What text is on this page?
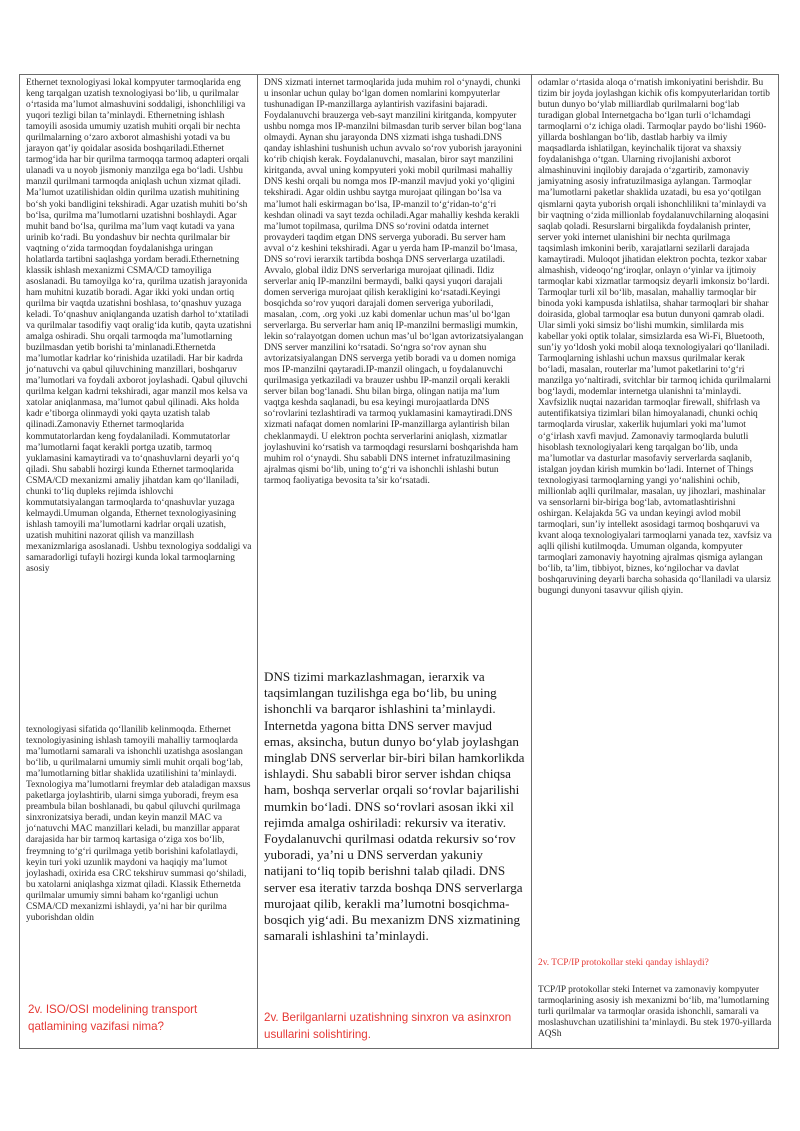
Ethernet texnologiyasi lokal kompyuter tarmoqlarida eng keng tarqalgan uzatish texnologiyasi bo‘lib, u qurilmalar o‘rtasida ma’lumot almashuvini soddaligi, ishonchliligi va yuqori tezligi bilan ta’minlaydi. Ethernetning ishlash tamoyili asosida umumiy uzatish muhiti orqali bir nechta qurilmalarning o‘zaro axborot almashishi yotadi va bu jarayon qat’iy qoidalar asosida boshqariladi.Ethernet tarmog‘ida har bir qurilma tarmoqqa tarmoq adapteri orqali ulanadi va u noyob jismoniy manzilga ega bo‘ladi. Ushbu manzil qurilmani tarmoqda aniqlash uchun xizmat qiladi. Ma’lumot uzatilishidan oldin qurilma uzatish muhitining bo‘sh yoki bandligini tekshiradi. Agar uzatish muhiti bo‘sh bo‘lsa, qurilma ma’lumotlarni uzatishni boshlaydi. Agar muhit band bo‘lsa, qurilma ma’lum vaqt kutadi va yana urinib ko‘radi. Bu yondashuv bir nechta qurilmalar bir vaqtning o‘zida tarmoqdan foydalanishga uringan holatlarda tartibni saqlashga yordam beradi.Ethernetning klassik ishlash mexanizmi CSMA/CD tamoyiliga asoslanadi. Bu tamoyilga ko‘ra, qurilma uzatish jarayonida ham muhitni kuzatib boradi. Agar ikki yoki undan ortiq qurilma bir vaqtda uzatishni boshlasa, to‘qnashuv yuzaga keladi. To‘qnashuv aniqlanganda uzatish darhol to‘xtatiladi va qurilmalar tasodifiy vaqt oralig‘ida kutib, qayta uzatishni amalga oshiradi. Shu orqali tarmoqda ma’lumotlarning buzilmasdan yetib borishi ta’minlanadi.Ethernetda ma’lumotlar kadrlar ko‘rinishida uzatiladi. Har bir kadrda jo‘natuvchi va qabul qiluvchining manzillari, boshqaruv ma’lumotlari va foydali axborot joylashadi. Qabul qiluvchi qurilma kelgan kadrni tekshiradi, agar manzil mos kelsa va xatolar aniqlanmasa, ma’lumot qabul qilinadi. Aks holda kadr e’tiborga olinmaydi yoki qayta uzatish talab qilinadi.Zamonaviy Ethernet tarmoqlarida kommutatorlardan keng foydalaniladi. Kommutatorlar ma’lumotlarni faqat kerakli portga uzatib, tarmoq yuklamasini kamaytiradi va to‘qnashuvlarni deyarli yo‘q qiladi. Shu sababli hozirgi kunda Ethernet tarmoqlarida CSMA/CD mexanizmi amaliy jihatdan kam qo‘llaniladi, chunki to‘liq dupleks rejimda ishlovchi kommutatsiyalangan tarmoqlarda to‘qnashuvlar yuzaga kelmaydi.Umuman olganda, Ethernet texnologiyasining ishlash tamoyili ma’lumotlarni kadrlar orqali uzatish, uzatish muhitini nazorat qilish va manzillash mexanizmlariga asoslanadi. Ushbu texnologiya soddaligi va samaradorligi tufayli hozirgi kunda lokal tarmoqlarning asosiy

texnologiyasi sifatida qo‘llanilib kelinmoqda. Ethernet texnologiyasining ishlash tamoyili mahalliy tarmoqlarda ma’lumotlarni samarali va ishonchli uzatishga asoslangan bo‘lib, u qurilmalarni umumiy simli muhit orqali bog‘lab, ma’lumotlarning bitlar shaklida uzatilishini ta’minlaydi. Texnologiya ma’lumotlarni freymlar deb ataladigan maxsus paketlarga joylashtirib, ularni simga yuboradi, freym esa preambula bilan boshlanadi, bu qabul qiluvchi qurilmaga sinxronizatsiya beradi, undan keyin manzil MAC va jo‘natuvchi MAC manzillari keladi, bu manzillar apparat darajasida har bir tarmoq kartasiga o‘ziga xos bo‘lib, freymning to‘g‘ri qurilmaga yetib borishini kafolatlaydi, keyin turi yoki uzunlik maydoni va haqiqiy ma’lumot joylashadi, oxirida esa CRC tekshiruv summasi qo‘shiladi, bu xatolarni aniqlashga xizmat qiladi. Klassik Ethernetda qurilmalar umumiy simni baham ko‘rganligi uchun CSMA/CD mexanizmi ishlaydi, ya’ni har bir qurilma yuborishdan oldin

2v. ISO/OSI modelining transport qatlamining vazifasi nima?

DNS xizmati internet tarmoqlarida juda muhim rol o‘ynaydi, chunki u insonlar uchun qulay bo‘lgan domen nomlarini kompyuterlar tushunadigan IP-manzillarga aylantirish vazifasini bajaradi. Foydalanuvchi brauzerga veb-sayt manzilini kiritganda, kompyuter ushbu nomga mos IP-manzilni bilmasdan turib server bilan bog‘lana olmaydi. Aynan shu jarayonda DNS xizmati ishga tushadi.DNS qanday ishlashini tushunish uchun avvalo so‘rov yuborish jarayonini ko‘rib chiqish kerak. Foydalanuvchi, masalan, biror sayt manzilini kiritganda, avval uning kompyuteri yoki mobil qurilmasi mahalliy DNS keshi orqali bu nomga mos IP-manzil mavjud yoki yo‘qligini tekshiradi. Agar oldin ushbu saytga murojaat qilingan bo‘lsa va ma’lumot hali eskirmagan bo‘lsa, IP-manzil to‘g‘ridan-to‘g‘ri keshdan olinadi va sayt tezda ochiladi.Agar mahalliy keshda kerakli ma’lumot topilmasa, qurilma DNS so‘rovini odatda internet provayderi taqdim etgan DNS serverga yuboradi. Bu server ham avval o‘z keshini tekshiradi. Agar u yerda ham IP-manzil bo‘lmasa, DNS so‘rovi ierarxik tartibda boshqa DNS serverlarga uzatiladi. Avvalo, global ildiz DNS serverlariga murojaat qilinadi. Ildiz serverlar aniq IP-manzilni bermaydi, balki qaysi yuqori darajali domen serveriga murojaat qilish kerakligini ko‘rsatadi.Keyingi bosqichda so‘rov yuqori darajali domen serveriga yuboriladi, masalan, .com, .org yoki .uz kabi domenlar uchun mas’ul bo‘lgan serverlarga. Bu serverlar ham aniq IP-manzilni bermasligi mumkin, lekin so‘ralayotgan domen uchun mas’ul bo‘lgan avtorizatsiyalangan DNS server manzilini ko‘rsatadi. So‘ngra so‘rov aynan shu avtorizatsiyalangan DNS serverga yetib boradi va u domen nomiga mos IP-manzilni qaytaradi.IP-manzil olingach, u foydalanuvchi qurilmasiga yetkaziladi va brauzer ushbu IP-manzil orqali kerakli server bilan bog‘lanadi. Shu bilan birga, olingan natija ma’lum vaqtga keshda saqlanadi, bu esa keyingi murojaatlarda DNS so‘rovlarini tezlashtiradi va tarmoq yuklamasini kamaytiradi.DNS xizmati nafaqat domen nomlarini IP-manzillarga aylantirish bilan cheklanmaydi. U elektron pochta serverlarini aniqlash, xizmatlar joylashuvini ko‘rsatish va tarmoqdagi resurslarni boshqarishda ham muhim rol o‘ynaydi. Shu sababli DNS internet infratuzilmasining ajralmas qismi bo‘lib, uning to‘g‘ri va ishonchli ishlashi butun tarmoq faoliyatiga bevosita ta’sir ko‘rsatadi.

DNS tizimi markazlashmagan, ierarxik va taqsimlangan tuzilishga ega bo‘lib, bu uning ishonchli va barqaror ishlashini ta’minlaydi. Internetda yagona bitta DNS server mavjud emas, aksincha, butun dunyo bo‘ylab joylashgan minglab DNS serverlar bir-biri bilan hamkorlikda ishlaydi. Shu sababli biror server ishdan chiqsa ham, boshqa serverlar orqali so‘rovlar bajarilishi mumkin bo‘ladi. DNS so‘rovlari asosan ikki xil rejimda amalga oshiriladi: rekursiv va iterativ. Foydalanuvchi qurilmasi odatda rekursiv so‘rov yuboradi, ya’ni u DNS serverdan yakuniy natijani to‘liq topib berishni talab qiladi. DNS server esa iterativ tarzda boshqa DNS serverlarga murojaat qilib, kerakli ma’lumotni bosqichma-bosqich yig‘adi. Bu mexanizm DNS xizmatining samarali ishlashini ta’minlaydi.

2v. Berilganlarni uzatishning sinxron va asinxron usullarini solishtiring.

odamlar o‘rtasida aloqa o‘rnatish imkoniyatini berishdir. Bu tizim bir joyda joylashgan kichik ofis kompyuterlaridan tortib butun dunyo bo‘ylab milliardlab qurilmalarni bog‘lab turadigan global Internetgacha bo‘lgan turli o‘lchamdagi tarmoqlarni o‘z ichiga oladi. Tarmoqlar paydo bo‘lishi 1960-yillarda boshlangan bo‘lib, dastlab harbiy va ilmiy maqsadlarda ishlatilgan, keyinchalik tijorat va shaxsiy foydalanishga o‘tgan. Ularning rivojlanishi axborot almashinuvini inqilobiy darajada o‘zgartirib, zamonaviy jamiyatning asosiy infratuzilmasiga aylangan. Tarmoqlar ma’lumotlarni paketlar shaklida uzatadi, bu esa yo‘qotilgan qismlarni qayta yuborish orqali ishonchlilikni ta’minlaydi va bir vaqtning o‘zida millionlab foydalanuvchilarning aloqasini saqlab qoladi. Resurslarni birgalikda foydalanish printer, server yoki internet ulanishini bir nechta qurilmaga taqsimlash imkonini berib, xarajatlarni sezilarli darajada kamaytiradi. Muloqot jihatidan elektron pochta, tezkor xabar almashish, videoqo‘ng‘iroqlar, onlayn o‘yinlar va ijtimoiy tarmoqlar kabi xizmatlar tarmoqsiz deyarli imkonsiz bo‘lardi. Tarmoqlar turli xil bo‘lib, masalan, mahalliy tarmoqlar bir binoda yoki kampusda ishlatilsa, shahar tarmoqlari bir shahar doirasida, global tarmoqlar esa butun dunyoni qamrab oladi. Ular simli yoki simsiz bo‘lishi mumkin, simlilarda mis kabellar yoki optik tolalar, simsizlarda esa Wi-Fi, Bluetooth, sun’iy yo‘ldosh yoki mobil aloqa texnologiyalari qo‘llaniladi. Tarmoqlarning ishlashi uchun maxsus qurilmalar kerak bo‘ladi, masalan, routerlar ma’lumot paketlarini to‘g‘ri manzilga yo‘naltiradi, svitchlar bir tarmoq ichida qurilmalarni bog‘laydi, modemlar internetga ulanishni ta’minlaydi. Xavfsizlik nuqtai nazaridan tarmoqlar firewall, shifrlash va autentifikatsiya tizimlari bilan himoyalanadi, chunki ochiq tarmoqlarda viruslar, xakerlik hujumlari yoki ma’lumot o‘g‘irlash xavfi mavjud. Zamonaviy tarmoqlarda bulutli hisoblash texnologiyalari keng tarqalgan bo‘lib, unda ma’lumotlar va dasturlar masofaviy serverlarda saqlanib, istalgan joydan kirish mumkin bo‘ladi. Internet of Things texnologiyasi tarmoqlarning yangi yo‘nalishini ochib, millionlab aqlli qurilmalar, masalan, uy jihozlari, mashinalar va sensorlarni bir-biriga bog‘lab, avtomatlashtirishni oshirgan. Kelajakda 5G va undan keyingi avlod mobil tarmoqlari, sun’iy intellekt asosidagi tarmoq boshqaruvi va kvant aloqa texnologiyalari tarmoqlarni yanada tez, xavfsiz va aqlli qilishi kutilmoqda. Umuman olganda, kompyuter tarmoqlari zamonaviy hayotning ajralmas qismiga aylangan bo‘lib, ta’lim, tibbiyot, biznes, ko‘ngilochar va davlat boshqaruvining deyarli barcha sohasida qo‘llaniladi va ularsiz bugungi dunyoni tasavvur qilish qiyin.

2v. TCP/IP protokollar steki qanday ishlaydi?

TCP/IP protokollar steki Internet va zamonaviy kompyuter tarmoqlarining asosiy ish mexanizmi bo‘lib, ma’lumotlarning turli qurilmalar va tarmoqlar orasida ishonchli, samarali va moslashuvchan uzatilishini ta’minlaydi. Bu stek 1970-yillarda AQSh
